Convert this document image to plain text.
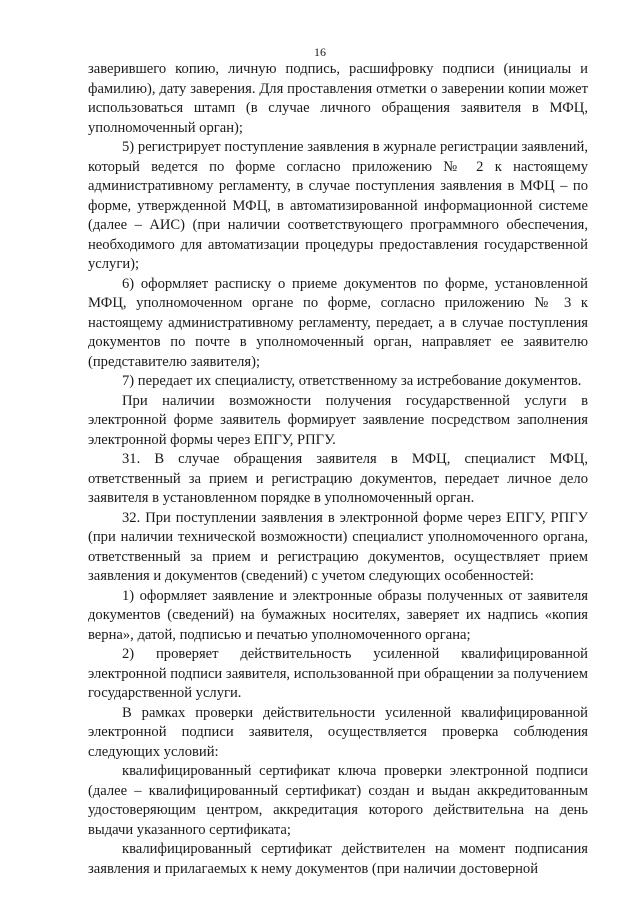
16

заверившего копию, личную подпись, расшифровку подписи (инициалы и фамилию), дату заверения. Для проставления отметки о заверении копии может использоваться штамп (в случае личного обращения заявителя в МФЦ, уполномоченный орган);

5) регистрирует поступление заявления в журнале регистрации заявлений, который ведется по форме согласно приложению № 2 к настоящему административному регламенту, в случае поступления заявления в МФЦ – по форме, утвержденной МФЦ, в автоматизированной информационной системе (далее – АИС) (при наличии соответствующего программного обеспечения, необходимого для автоматизации процедуры предоставления государственной услуги);

6) оформляет расписку о приеме документов по форме, установленной МФЦ, уполномоченном органе по форме, согласно приложению № 3 к настоящему административному регламенту, передает, а в случае поступления документов по почте в уполномоченный орган, направляет ее заявителю (представителю заявителя);

7) передает их специалисту, ответственному за истребование документов.

При наличии возможности получения государственной услуги в электронной форме заявитель формирует заявление посредством заполнения электронной формы через ЕПГУ, РПГУ.

31. В случае обращения заявителя в МФЦ, специалист МФЦ, ответственный за прием и регистрацию документов, передает личное дело заявителя в установленном порядке в уполномоченный орган.

32. При поступлении заявления в электронной форме через ЕПГУ, РПГУ (при наличии технической возможности) специалист уполномоченного органа, ответственный за прием и регистрацию документов, осуществляет прием заявления и документов (сведений) с учетом следующих особенностей:

1) оформляет заявление и электронные образы полученных от заявителя документов (сведений) на бумажных носителях, заверяет их надпись «копия верна», датой, подписью и печатью уполномоченного органа;

2) проверяет действительность усиленной квалифицированной электронной подписи заявителя, использованной при обращении за получением государственной услуги.

В рамках проверки действительности усиленной квалифицированной электронной подписи заявителя, осуществляется проверка соблюдения следующих условий:

квалифицированный сертификат ключа проверки электронной подписи (далее – квалифицированный сертификат) создан и выдан аккредитованным удостоверяющим центром, аккредитация которого действительна на день выдачи указанного сертификата;

квалифицированный сертификат действителен на момент подписания заявления и прилагаемых к нему документов (при наличии достоверной
